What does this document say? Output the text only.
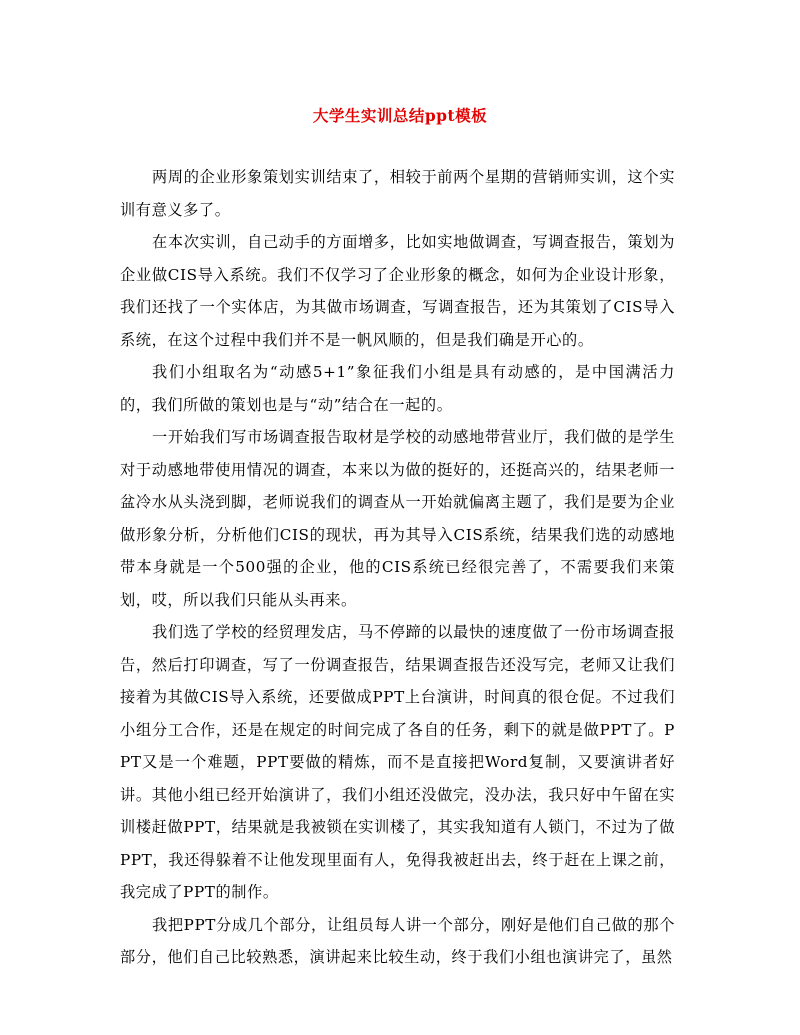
大学生实训总结ppt模板

两周的企业形象策划实训结束了，相较于前两个星期的营销师实训，这个实训有意义多了。

在本次实训，自己动手的方面增多，比如实地做调查，写调查报告，策划为企业做CIS导入系统。我们不仅学习了企业形象的概念，如何为企业设计形象，我们还找了一个实体店，为其做市场调查，写调查报告，还为其策划了CIS导入系统，在这个过程中我们并不是一帆风顺的，但是我们确是开心的。

我们小组取名为“动感5+1”象征我们小组是具有动感的，是中国满活力的，我们所做的策划也是与“动”结合在一起的。

一开始我们写市场调查报告取材是学校的动感地带营业厅，我们做的是学生对于动感地带使用情况的调查，本来以为做的挺好的，还挺高兴的，结果老师一盆冷水从头浇到脚，老师说我们的调查从一开始就偏离主题了，我们是要为企业做形象分析，分析他们CIS的现状，再为其导入CIS系统，结果我们选的动感地带本身就是一个500强的企业，他的CIS系统已经很完善了，不需要我们来策划，哎，所以我们只能从头再来。

我们选了学校的经贸理发店，马不停蹄的以最快的速度做了一份市场调查报告，然后打印调查，写了一份调查报告，结果调查报告还没写完，老师又让我们接着为其做CIS导入系统，还要做成PPT上台演讲，时间真的很仓促。不过我们小组分工合作，还是在规定的时间完成了各自的任务，剩下的就是做PPT了。PPT又是一个难题，PPT要做的精炼，而不是直接把Word复制，又要演讲者好讲。其他小组已经开始演讲了，我们小组还没做完，没办法，我只好中午留在实训楼赶做PPT，结果就是我被锁在实训楼了，其实我知道有人锁门，不过为了做PPT，我还得躲着不让他发现里面有人，免得我被赶出去，终于赶在上课之前，我完成了PPT的制作。

我把PPT分成几个部分，让组员每人讲一个部分，刚好是他们自己做的那个部分，他们自己比较熟悉，演讲起来比较生动，终于我们小组也演讲完了，虽然
